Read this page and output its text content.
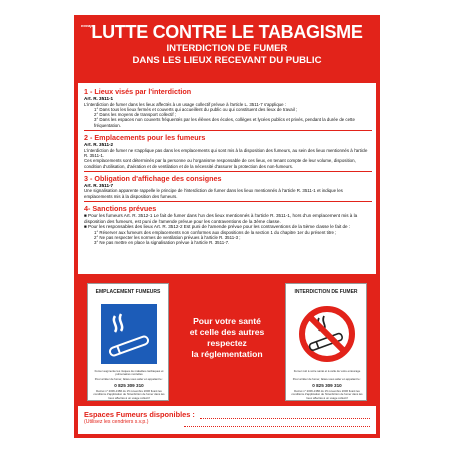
novap
LUTTE CONTRE LE TABAGISME
INTERDICTION DE FUMER
DANS LES LIEUX RECEVANT DU PUBLIC
1 - Lieux visés par l'interdiction
Art. R. 3511-1
L'interdiction de fumer dans les lieux affectés à un usage collectif prévue à l'article L. 3511-7 s'applique :
1° Dans tous les lieux fermés et couverts qui accueillent du public ou qui constituent des lieux de travail ;
2° Dans les moyens de transport collectif ;
3° Dans les espaces non couverts fréquentés par les élèves des écoles, collèges et lycées publics et privés, pendant la durée de cette fréquentation.
2 - Emplacements pour les fumeurs
Art. R. 3511-2
L'interdiction de fumer ne s'applique pas dans les emplacements qui sont mis à la disposition des fumeurs, au sein des lieux mentionnés à l'article R. 3511-1.
Ces emplacements sont déterminés par la personne ou l'organisme responsable de ces lieux, en tenant compte de leur volume, disposition, condition d'utilisation, d'aération et de ventilation et de la nécessité d'assurer la protection des non-fumeurs.
3 - Obligation d'affichage des consignes
Art. R. 3511-7
Une signalisation apparente rappelle le principe de l'interdiction de fumer dans les lieux mentionnés à l'article R. 3511-1 et indique les emplacements mis à la disposition des fumeurs.
4- Sanctions prévues
■ Pour les fumeurs Art. R. 3512-1 Le fait de fumer dans l'un des lieux mentionnés à l'article R. 3511-1, hors d'un emplacement mis à la disposition des fumeurs, est puni de l'amende prévue pour les contraventions de la 3ème classe.
■ Pour les responsables des lieux Art. R. 3512-2 Est puni de l'amende prévue pour les contraventions de la 5ème classe le fait de :
1° Réserver aux fumeurs des emplacements non conformes aux dispositions de la section 1 du chapitre 1er du présent titre ;
2° Ne pas respecter les normes de ventilation prévues à l'article R. 3511-3 ;
3° Ne pas mettre en place la signalisation prévue à l'article R. 3511-7.
EMPLACEMENT FUMEURS
Fumer augmente les risques de maladies cardiaques et pulmonaires mortelles
Pour arrêter de fumer, faites-vous aider en appelant le :
0 825 309 310
Décret n° 2006-1386 du 15 novembre 2006 fixant les conditions d'application de l'interdiction de fumer dans les lieux affectés à un usage collectif
Pour votre santé
et celle des autres
respectez
la réglementation
INTERDICTION DE FUMER
Fumer nuit à votre santé et à celle de votre entourage
Pour arrêter de fumer, faites-vous aider en appelant le :
0 825 309 310
Décret n° 2006-1386 du 15 novembre 2006 fixant les conditions d'application de l'interdiction de fumer dans les lieux affectés à un usage collectif
Espaces Fumeurs disponibles :
(Utilisez les cendriers s.v.p.)
